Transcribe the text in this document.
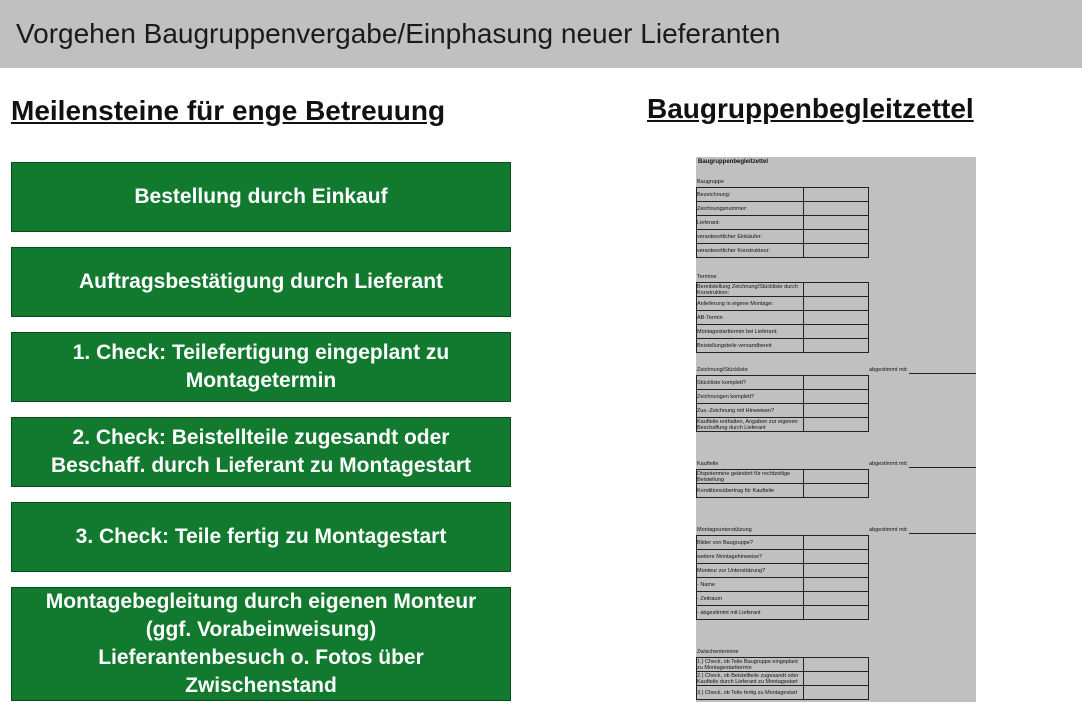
Vorgehen Baugruppenvergabe/Einphasung neuer Lieferanten
Meilensteine für enge Betreuung	Baugruppenbegleitzettel
Bestellung durch Einkauf
Auftragsbestätigung durch Lieferant
1. Check: Teilefertigung eingeplant zu
Montagetermin
2. Check: Beistellteile zugesandt oder
Beschaff. durch Lieferant zu Montagestart
3. Check: Teile fertig zu Montagestart
Montagebegleitung durch eigenen Monteur
(ggf. Vorabeinweisung)
Lieferantenbesuch o. Fotos über
Zwischenstand
Baugruppenbegleitzettel
Baugruppe
Bezeichnung:
Zeichnungsnummer:
Lieferant:
verantwortlicher Einkäufer:
verantwortlicher Konstrukteur:
Termine
Bereitstellung Zeichnung/Stückliste durch Konstruktion:
Anlieferung in eigene Montage:
AB-Termin
Montagestarttermin bei Lieferant:
Beistellungsteile versandbereit
Zeichnung/Stückliste	abgestimmt mit:
Stückliste komplett?
Zeichnungen komplett?
Zus.-Zeichnung mit Hinweisen?
Kaufteile enthalten, Angaben zur eigenen Beschaffung durch Lieferant
Kaufteile	abgestimmt mit:
Dispotermine geändert für rechtzeitige Beistellung
Konditionsübertrag für Kaufteile
Montageunterstützung	abgestimmt mit:
Bilder von Baugruppe?
weitere Montagehinweise?
Monteur zur Unterstützung?
- Name
- Zeitraum
- abgestimmt mit Lieferant
Zwischentermine
1.) Check, ob Teile Baugruppe eingeplant zu Montagestarttermin
2.) Check, ob Beistellteile zugesandt oder Kaufteile durch Lieferant zu Montagestart
3.) Check, ob Teile fertig zu Montagestart
